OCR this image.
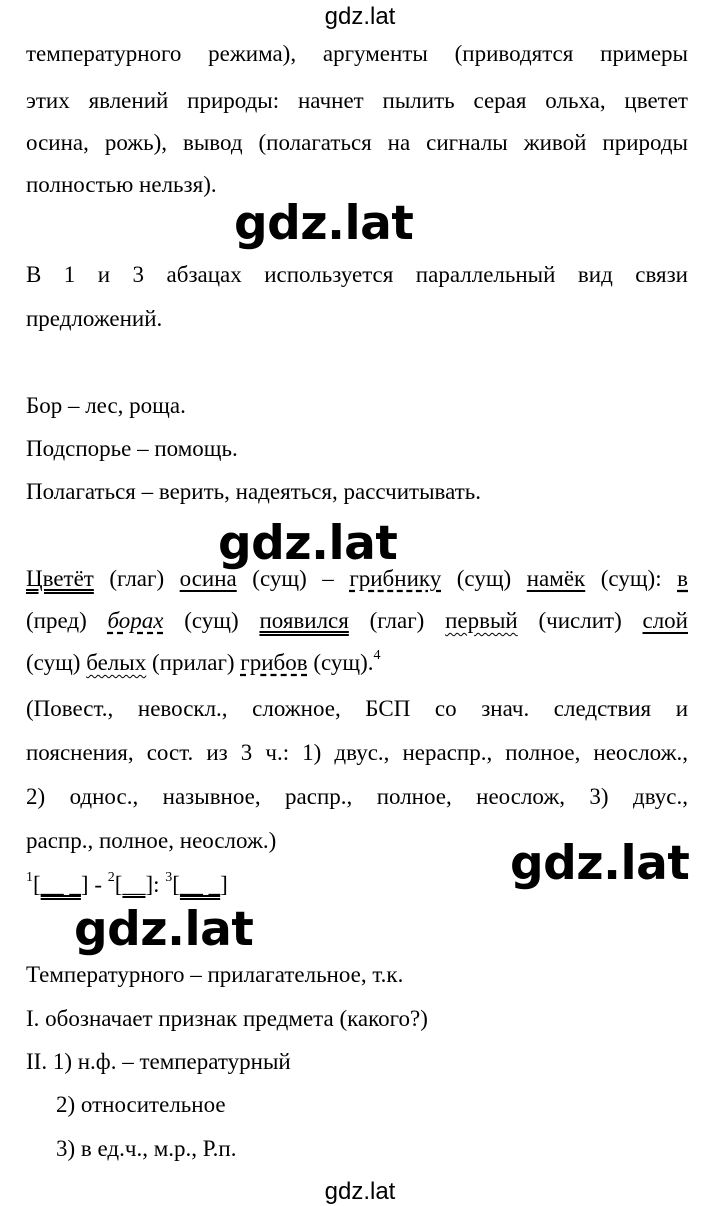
gdz.lat
gdz.lat
gdz.lat
gdz.lat
gdz.lat
gdz.lat
температурного режима), аргументы (приводятся примеры
этих явлений природы: начнет пылить серая ольха, цветет
осина, рожь), вывод (полагаться на сигналы живой природы
полностью нельзя).
В 1 и 3 абзацах используется параллельный вид связи
предложений.
Бор – лес, роща.
Подспорье – помощь.
Полагаться – верить, надеяться, рассчитывать.
Цветёт (глаг) осина (сущ) – грибнику (сущ) намёк (сущ): в
(пред) борах (сущ) появился (глаг) первый (числит) слой
(сущ) белых (прилаг) грибов (сущ).$^4$
(Повест., невоскл., сложное, БСП со знач. следствия и
пояснения, сост. из 3 ч.: 1) двус., нераспр., полное, неослож.,
2) однос., назывное, распр., полное, неослож, 3) двус.,
распр., полное, неослож.)
$^1$[__ _] - $^2$[__]: $^3$[__ _]
Температурного – прилагательное, т.к.
I. обозначает признак предмета (какого?)
II. 1) н.ф. – температурный
2) относительное
3) в ед.ч., м.р., Р.п.
